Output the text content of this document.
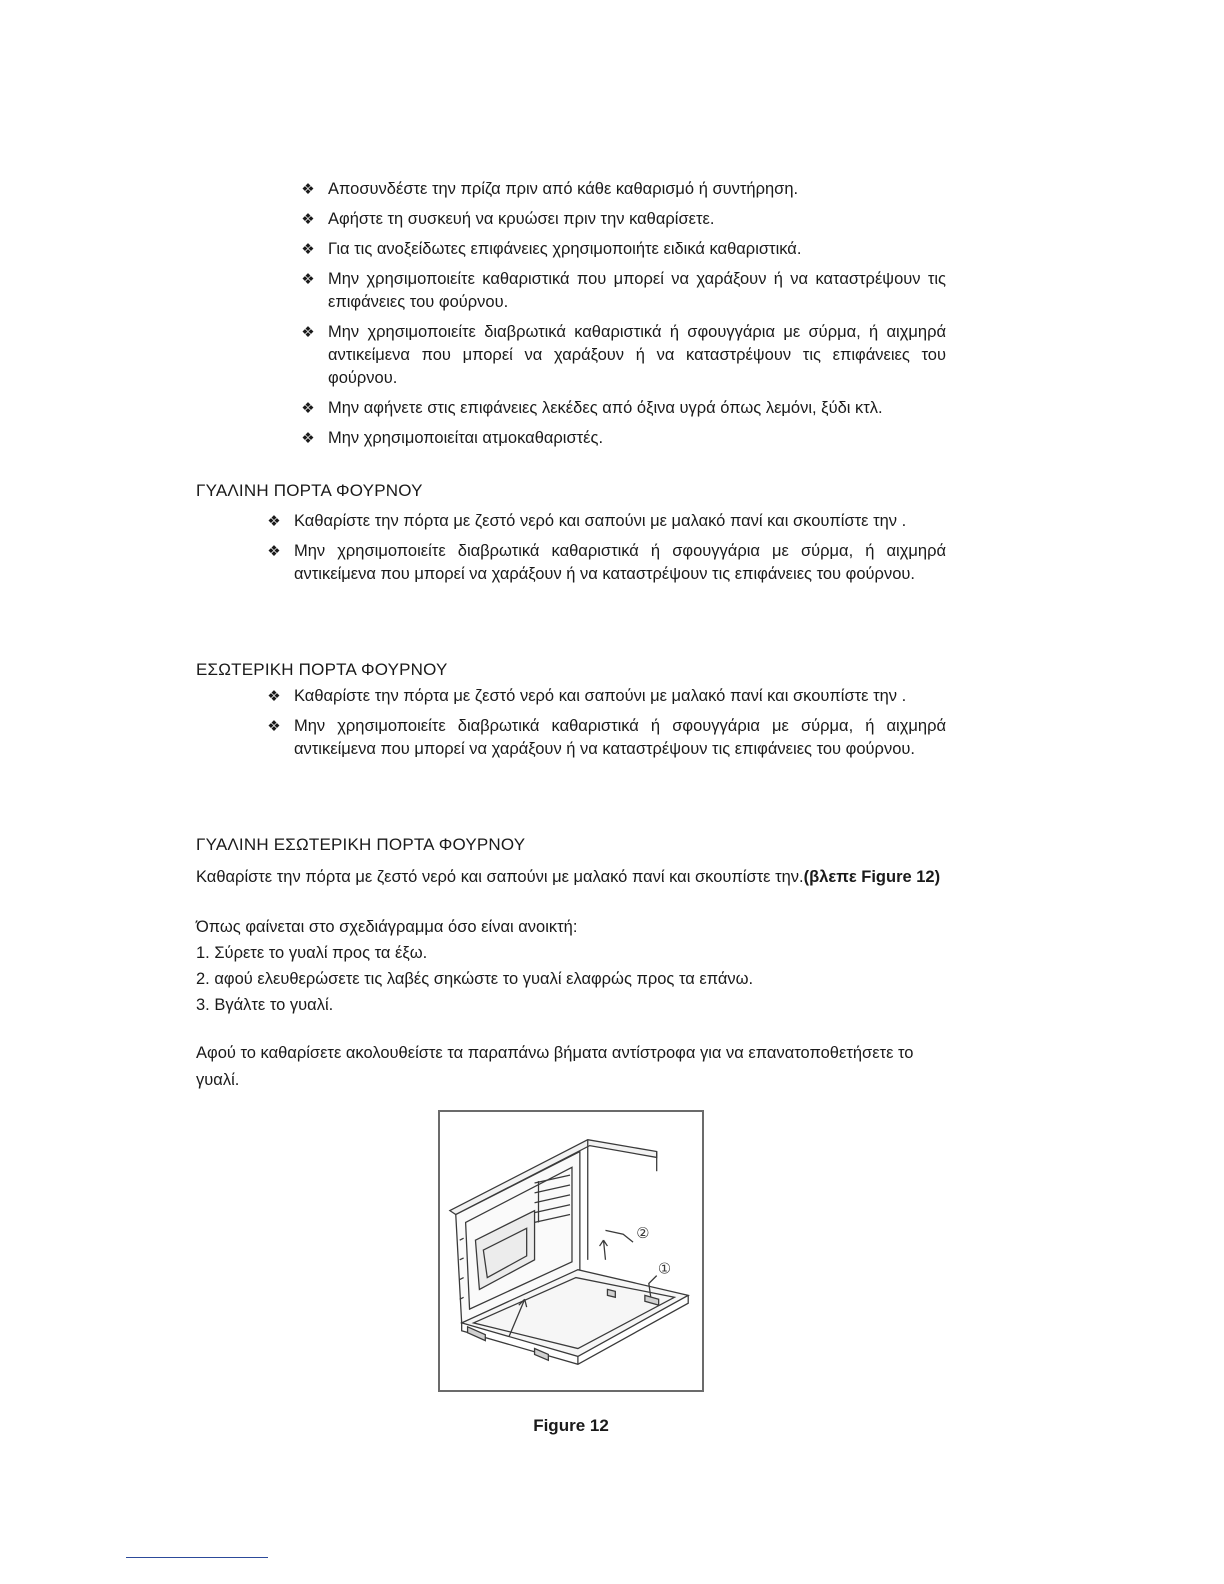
❖ Αποσυνδέστε την πρίζα πριν από κάθε καθαρισμό ή συντήρηση.
❖ Αφήστε τη συσκευή να κρυώσει πριν την καθαρίσετε.
❖ Για τις ανοξείδωτες επιφάνειες χρησιμοποιήτε ειδικά καθαριστικά.
❖ Μην χρησιμοποιείτε καθαριστικά που μπορεί να χαράξουν ή να καταστρέψουν τις επιφάνειες του φούρνου.
❖ Μην χρησιμοποιείτε διαβρωτικά καθαριστικά ή σφουγγάρια με σύρμα, ή αιχμηρά αντικείμενα που μπορεί να χαράξουν ή να καταστρέψουν τις επιφάνειες του φούρνου.
❖ Μην αφήνετε στις επιφάνειες λεκέδες από όξινα υγρά όπως λεμόνι, ξύδι κτλ.
❖ Μην χρησιμοποιείται ατμοκαθαριστές.
ΓΥΑΛΙΝΗ ΠΟΡΤΑ ΦΟΥΡΝΟΥ
❖ Καθαρίστε την πόρτα με ζεστό νερό και σαπούνι με μαλακό πανί και σκουπίστε την .
❖ Μην χρησιμοποιείτε διαβρωτικά καθαριστικά ή σφουγγάρια με σύρμα, ή αιχμηρά αντικείμενα που μπορεί να χαράξουν ή να καταστρέψουν τις επιφάνειες του φούρνου.
ΕΣΩΤΕΡΙΚΗ ΠΟΡΤΑ ΦΟΥΡΝΟΥ
❖ Καθαρίστε την πόρτα με ζεστό νερό και σαπούνι με μαλακό πανί και σκουπίστε την .
❖ Μην χρησιμοποιείτε διαβρωτικά καθαριστικά ή σφουγγάρια με σύρμα, ή αιχμηρά αντικείμενα που μπορεί να χαράξουν ή να καταστρέψουν τις επιφάνειες του φούρνου.
ΓΥΑΛΙΝΗ ΕΣΩΤΕΡΙΚΗ ΠΟΡΤΑ ΦΟΥΡΝΟΥ
Καθαρίστε την πόρτα με ζεστό νερό και σαπούνι με μαλακό πανί και σκουπίστε την.(βλεπε Figure 12)
Όπως φαίνεται στο σχεδιάγραμμα όσο είναι ανοικτή:
1. Σύρετε το γυαλί προς τα έξω.
2. αφού ελευθερώσετε τις λαβές σηκώστε το γυαλί ελαφρώς προς τα επάνω.
3. Βγάλτε το γυαλί.
Αφού το καθαρίσετε ακολουθείστε τα παραπάνω βήματα αντίστροφα για να επανατοποθετήσετε το γυαλί.
②
①
Figure 12
